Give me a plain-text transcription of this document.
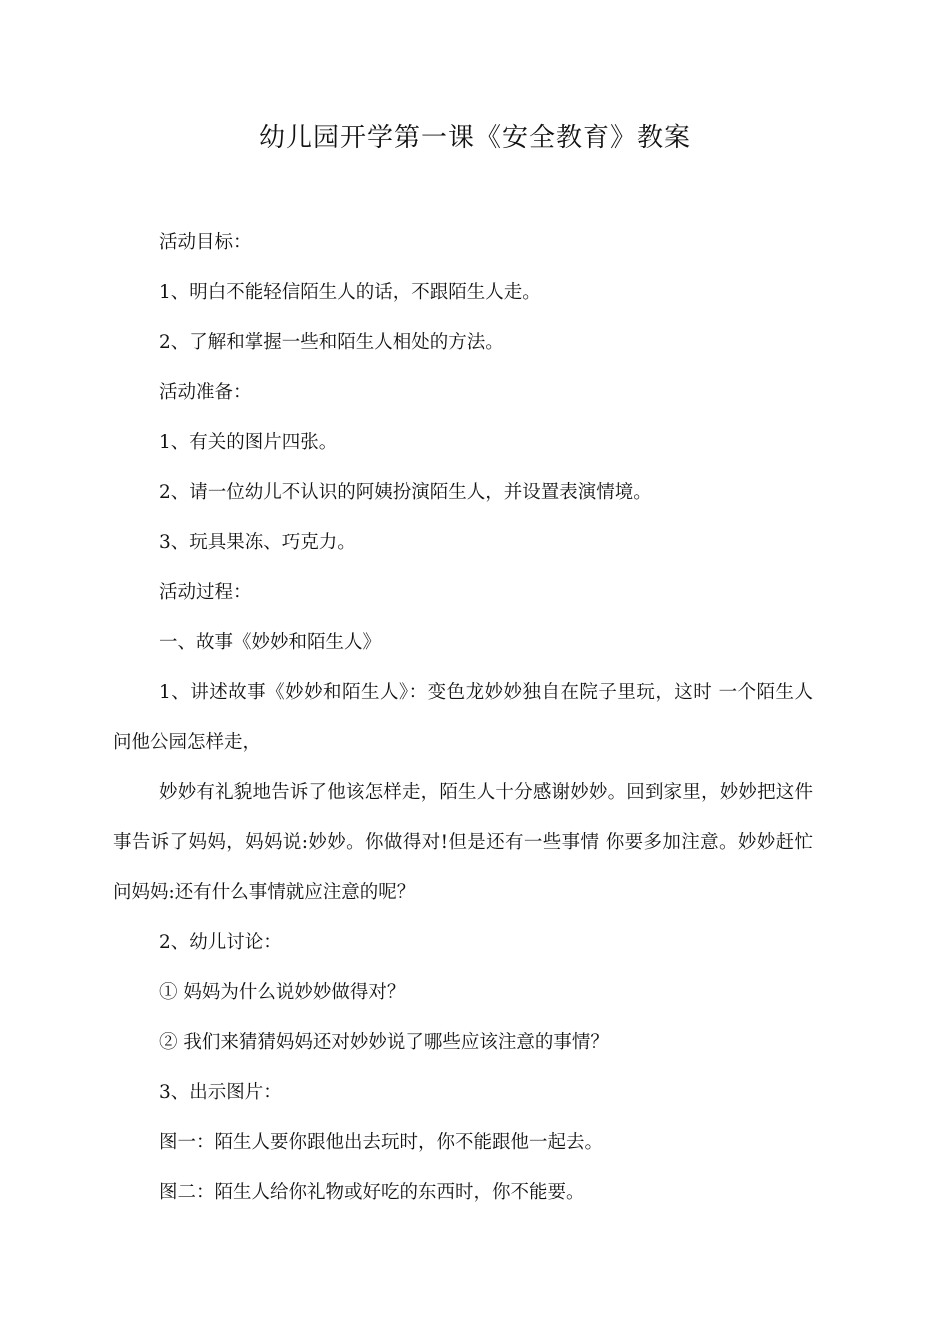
幼儿园开学第一课《安全教育》教案

活动目标：

1、明白不能轻信陌生人的话，不跟陌生人走。

2、了解和掌握一些和陌生人相处的方法。

活动准备：

1、有关的图片四张。

2、请一位幼儿不认识的阿姨扮演陌生人，并设置表演情境。

3、玩具果冻、巧克力。

活动过程：

一、故事《妙妙和陌生人》

1、讲述故事《妙妙和陌生人》：变色龙妙妙独自在院子里玩，这时 一个陌生人问他公园怎样走，

妙妙有礼貌地告诉了他该怎样走，陌生人十分感谢妙妙。回到家里，妙妙把这件事告诉了妈妈，妈妈说:妙妙。你做得对!但是还有一些事情 你要多加注意。妙妙赶忙问妈妈:还有什么事情就应注意的呢？

2、幼儿讨论：

① 妈妈为什么说妙妙做得对？

② 我们来猜猜妈妈还对妙妙说了哪些应该注意的事情？

3、出示图片：

图一：陌生人要你跟他出去玩时，你不能跟他一起去。

图二：陌生人给你礼物或好吃的东西时，你不能要。
